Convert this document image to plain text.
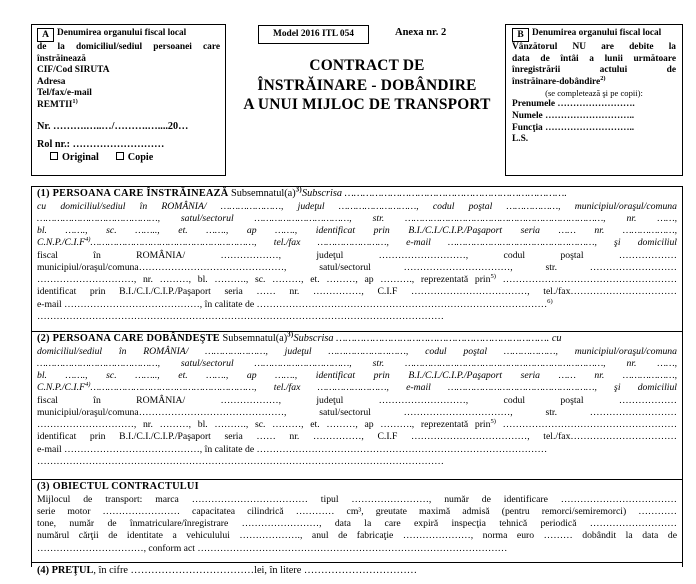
A Denumirea organului fiscal local
de la domiciliul/sediul persoanei care
înstrăinează
CIF/Cod SIRUTA
Adresa
Tel/fax/e-mail
REMTII$^{1)}$
Nr. ……….…..…/……….…....20…
Rol nr.: ………………………
Original	Copie
B Denumirea organului fiscal local
Vânzătorul NU are debite la
data de întâi a lunii următoare
înregistrării actului de
înstrăinare-dobândire$^{2)}$
(se completează şi pe copii):
Prenumele …………………….
Numele ………………………..
Funcţia ………………………..
L.S.
Model 2016 ITL 054	Anexa nr. 2
CONTRACT DE
ÎNSTRĂINARE - DOBÂNDIRE
A UNUI MIJLOC DE TRANSPORT
(1) PERSOANA CARE ÎNSTRĂINEAZĂ $Subsemnatul(a)^{3)}Subscrisa$ ……………………………………………………………….
cu domiciliul/sediul în ROMÂNIA/ …………………, judeţul ………………………, codul poştal ………………, municipiul/oraşul/comuna
……………………………………, satul/sectorul ……………………………, str. ……………………………………………………………, nr. ……,
bl. ……., sc. …….., et. ……., ap ……., identificat prin B.I./C.I./C.I.P./Paşaport seria …… nr. ………………,
$C.N.P./C.I.F^{4)}\dots\dots\dots\dots\dots\dots\dots\dots\dots\dots\dots\dots\dots\dots\dots\dots\dots\dots\dots$, tel./fax ……………………, e-mail ……………………………………………, şi domiciliul
fiscal în ROMÂNIA/ ………………, judeţul ………………………, codul poştal ………………
municipiul/oraşul/comuna………………………………………, satul/sectorul ……………………………, str. ………………………
…………………………, nr. ………, bl. ………., sc. ………, et. ………, ap ………., reprezentată prin$^{5)}$ ………………………………………………
identificat prin B.I./C.I./C.I.P./Paşaport seria …… nr. ……………, C.I.F ………………………………, tel./fax……………………………
e-mail ……………………………………, în calitate de ………………………………………………………………………………$^{6)}$
………………………………………………………………………………………………………………
(2) PERSOANA CARE DOBÂNDEŞTE $Subsemnatul(a)^{3)}Subscrisa$ ……………………………………………………………. cu
domiciliul/sediul în ROMÂNIA/ …………………, judeţul ………………………, codul poştal ………………, municipiul/oraşul/comuna
……………………………………, satul/sectorul ……………………………, str. ……………………………………………………………, nr. ……,
bl. ……., sc. …….., et. ……., ap ……., identificat prin B.I./C.I./C.I.P./Paşaport seria …… nr. ………………,
$C.N.P./C.I.F^{4)}\dots\dots\dots\dots\dots\dots\dots\dots\dots\dots\dots\dots\dots\dots\dots\dots\dots\dots\dots$, tel./fax ……………………, e-mail ……………………………………………, şi domiciliul
fiscal în ROMÂNIA/ ………………, judeţul ………………………, codul poştal ………………
municipiul/oraşul/comuna………………………………………, satul/sectorul ……………………………, str. ………………………
…………………………, nr. ………, bl. ………., sc. ………, et. ………, ap ………., reprezentată prin$^{5)}$ ………………………………………………
identificat prin B.I./C.I./C.I.P./Paşaport seria …… nr. ……………, C.I.F ………………………………, tel./fax……………………………
e-mail ……………………………………, în calitate de ………………………………………………………………………………
………………………………………………………………………………………………………………
(3) OBIECTUL CONTRACTULUI
Mijlocul de transport: marca ……………………………… tipul ……………………, număr de identificare ………………………………
serie motor …………………… capacitatea cilindrică ………… cm³, greutate maximă admisă (pentru remorci/semiremorci) …………
tone, număr de înmatriculare/înregistrare ……………………, data la care expiră inspecţia tehnică periodică ………………………
numărul cărţii de identitate a vehiculului ………………., anul de fabricaţie …………………, norma euro ……… dobândit la data de
……………………………, conform act ……………………………………………………………………………………
(4) PREŢUL, în cifre ………………………………lei, în litere ……………………………
